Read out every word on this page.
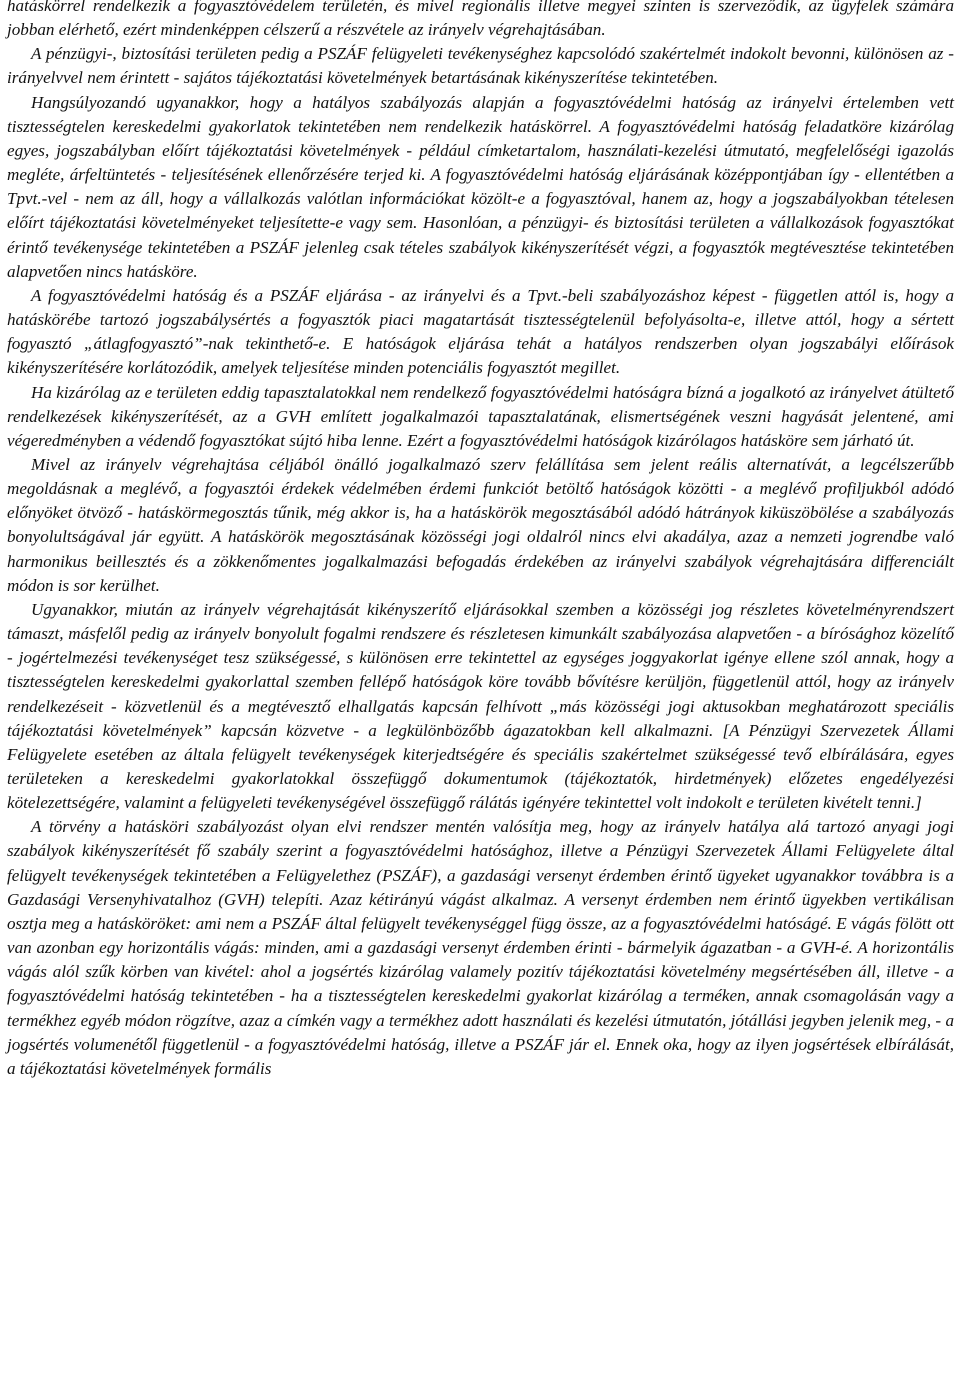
hatáskörrel rendelkezik a fogyasztóvédelem területén, és mivel regionális illetve megyei szinten is szerveződik, az ügyfelek számára jobban elérhető, ezért mindenképpen célszerű a részvétele az irányelv végrehajtásában.

A pénzügyi-, biztosítási területen pedig a PSZÁF felügyeleti tevékenységhez kapcsolódó szakértelmét indokolt bevonni, különösen az - irányelvvel nem érintett - sajátos tájékoztatási követelmények betartásának kikényszerítése tekintetében.

Hangsúlyozandó ugyanakkor, hogy a hatályos szabályozás alapján a fogyasztóvédelmi hatóság az irányelvi értelemben vett tisztességtelen kereskedelmi gyakorlatok tekintetében nem rendelkezik hatáskörrel. A fogyasztóvédelmi hatóság feladatköre kizárólag egyes, jogszabályban előírt tájékoztatási követelmények - például címketartalom, használati-kezelési útmutató, megfelelőségi igazolás megléte, árfeltüntetés - teljesítésének ellenőrzésére terjed ki. A fogyasztóvédelmi hatóság eljárásának középpontjában így - ellentétben a Tpvt.-vel - nem az áll, hogy a vállalkozás valótlan információkat közölt-e a fogyasztóval, hanem az, hogy a jogszabályokban tételesen előírt tájékoztatási követelményeket teljesítette-e vagy sem. Hasonlóan, a pénzügyi- és biztosítási területen a vállalkozások fogyasztókat érintő tevékenysége tekintetében a PSZÁF jelenleg csak tételes szabályok kikényszerítését végzi, a fogyasztók megtévesztése tekintetében alapvetően nincs hatásköre.

A fogyasztóvédelmi hatóság és a PSZÁF eljárása - az irányelvi és a Tpvt.-beli szabályozáshoz képest - független attól is, hogy a hatáskörébe tartozó jogszabálysértés a fogyasztók piaci magatartását tisztességtelenül befolyásolta-e, illetve attól, hogy a sértett fogyasztó „átlagfogyasztó”-nak tekinthető-e. E hatóságok eljárása tehát a hatályos rendszerben olyan jogszabályi előírások kikényszerítésére korlátozódik, amelyek teljesítése minden potenciális fogyasztót megillet.

Ha kizárólag az e területen eddig tapasztalatokkal nem rendelkező fogyasztóvédelmi hatóságra bízná a jogalkotó az irányelvet átültető rendelkezések kikényszerítését, az a GVH említett jogalkalmazói tapasztalatának, elismertségének veszni hagyását jelentené, ami végeredményben a védendő fogyasztókat sújtó hiba lenne. Ezért a fogyasztóvédelmi hatóságok kizárólagos hatásköre sem járható út.

Mivel az irányelv végrehajtása céljából önálló jogalkalmazó szerv felállítása sem jelent reális alternatívát, a legcélszerűbb megoldásnak a meglévő, a fogyasztói érdekek védelmében érdemi funkciót betöltő hatóságok közötti - a meglévő profiljukból adódó előnyöket ötvöző - hatáskörmegosztás tűnik, még akkor is, ha a hatáskörök megosztásából adódó hátrányok kiküszöbölése a szabályozás bonyolultságával jár együtt. A hatáskörök megosztásának közösségi jogi oldalról nincs elvi akadálya, azaz a nemzeti jogrendbe való harmonikus beillesztés és a zökkenőmentes jogalkalmazási befogadás érdekében az irányelvi szabályok végrehajtására differenciált módon is sor kerülhet.

Ugyanakkor, miután az irányelv végrehajtását kikényszerítő eljárásokkal szemben a közösségi jog részletes követelményrendszert támaszt, másfelől pedig az irányelv bonyolult fogalmi rendszere és részletesen kimunkált szabályozása alapvetően - a bírósághoz közelítő - jogértelmezési tevékenységet tesz szükségessé, s különösen erre tekintettel az egységes joggyakorlat igénye ellene szól annak, hogy a tisztességtelen kereskedelmi gyakorlattal szemben fellépő hatóságok köre tovább bővítésre kerüljön, függetlenül attól, hogy az irányelv rendelkezéseit - közvetlenül és a megtévesztő elhallgatás kapcsán felhívott „más közösségi jogi aktusokban meghatározott speciális tájékoztatási követelmények” kapcsán közvetve - a legkülönbözőbb ágazatokban kell alkalmazni. [A Pénzügyi Szervezetek Állami Felügyelete esetében az általa felügyelt tevékenységek kiterjedtségére és speciális szakértelmet szükségessé tevő elbírálására, egyes területeken a kereskedelmi gyakorlatokkal összefüggő dokumentumok (tájékoztatók, hirdetmények) előzetes engedélyezési kötelezettségére, valamint a felügyeleti tevékenységével összefüggő rálátás igényére tekintettel volt indokolt e területen kivételt tenni.]

A törvény a hatásköri szabályozást olyan elvi rendszer mentén valósítja meg, hogy az irányelv hatálya alá tartozó anyagi jogi szabályok kikényszerítését fő szabály szerint a fogyasztóvédelmi hatósághoz, illetve a Pénzügyi Szervezetek Állami Felügyelete által felügyelt tevékenységek tekintetében a Felügyelethez (PSZÁF), a gazdasági versenyt érdemben érintő ügyeket ugyanakkor továbbra is a Gazdasági Versenyhivatalhoz (GVH) telepíti. Azaz kétirányú vágást alkalmaz. A versenyt érdemben nem érintő ügyekben vertikálisan osztja meg a hatásköröket: ami nem a PSZÁF által felügyelt tevékenységgel függ össze, az a fogyasztóvédelmi hatóságé. E vágás fölött ott van azonban egy horizontális vágás: minden, ami a gazdasági versenyt érdemben érinti - bármelyik ágazatban - a GVH-é. A horizontális vágás alól szűk körben van kivétel: ahol a jogsértés kizárólag valamely pozitív tájékoztatási követelmény megsértésében áll, illetve - a fogyasztóvédelmi hatóság tekintetében - ha a tisztességtelen kereskedelmi gyakorlat kizárólag a terméken, annak csomagolásán vagy a termékhez egyéb módon rögzítve, azaz a címkén vagy a termékhez adott használati és kezelési útmutatón, jótállási jegyben jelenik meg, - a jogsértés volumenétől függetlenül - a fogyasztóvédelmi hatóság, illetve a PSZÁF jár el. Ennek oka, hogy az ilyen jogsértések elbírálását, a tájékoztatási követelmények formális
